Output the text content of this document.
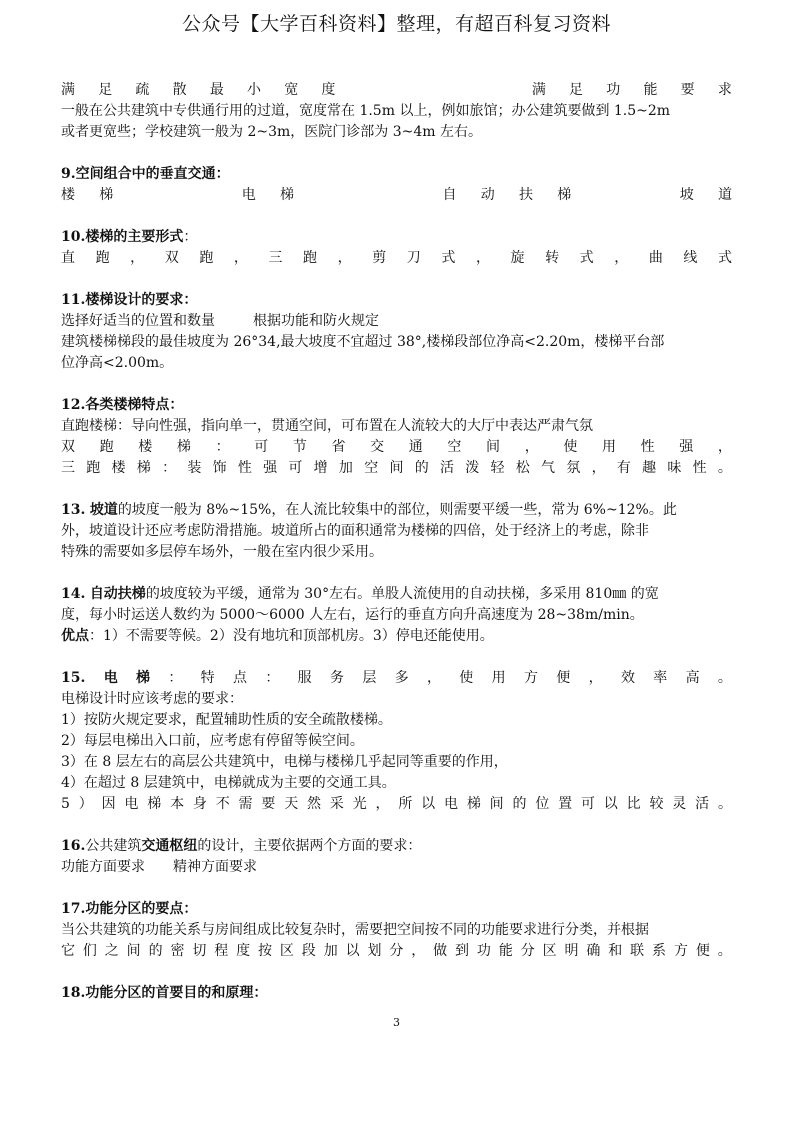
公众号【大学百科资料】整理，有超百科复习资料
满 足 疏 散 最 小 宽 度	满 足 功 能 要 求
一般在公共建筑中专供通行用的过道，宽度常在 1.5m 以上，例如旅馆；办公建筑要做到 1.5~2m
或者更宽些；学校建筑一般为 2~3m，医院门诊部为 3~4m 左右。
9.空间组合中的垂直交通：
楼 梯	电 梯	自 动 扶 梯	坡 道
10.楼梯的主要形式：
直 跑 ， 双 跑 ， 三 跑 ， 剪 刀 式 ， 旋 转 式 ， 曲 线 式
11.楼梯设计的要求：
选择好适当的位置和数量	根据功能和防火规定
建筑楼梯梯段的最佳坡度为 26°34,最大坡度不宜超过 38°,楼梯段部位净高<2.20m，楼梯平台部
位净高<2.00m。
12.各类楼梯特点：
直跑楼梯：导向性强，指向单一，贯通空间，可布置在人流较大的大厅中表达严肃气氛
双 跑 楼 梯 ： 可 节 省 交 通 空 间 ， 使 用 性 强 ，
三 跑 楼 梯 ： 装 饰 性 强 可 增 加 空 间 的 活 泼 轻 松 气 氛 ， 有 趣 味 性 。
13. 坡道的坡度一般为 8%~15%，在人流比较集中的部位，则需要平缓一些，常为 6%~12%。此
外，坡道设计还应考虑防滑措施。坡道所占的面积通常为楼梯的四倍，处于经济上的考虑，除非
特殊的需要如多层停车场外，一般在室内很少采用。
14. 自动扶梯的坡度较为平缓，通常为 30°左右。单股人流使用的自动扶梯，多采用 810㎜ 的宽
度，每小时运送人数约为 5000～6000 人左右，运行的垂直方向升高速度为 28~38m/min。
优点：1）不需要等候。2）没有地坑和顶部机房。3）停电还能使用。
15. 电 梯 ： 特 点 ： 服 务 层 多 ， 使 用 方 便 ， 效 率 高 。
电梯设计时应该考虑的要求：
1）按防火规定要求，配置辅助性质的安全疏散楼梯。
2）每层电梯出入口前，应考虑有停留等候空间。
3）在 8 层左右的高层公共建筑中，电梯与楼梯几乎起同等重要的作用，
4）在超过 8 层建筑中，电梯就成为主要的交通工具。
5 ） 因 电 梯 本 身 不 需 要 天 然 采 光 ， 所 以 电 梯 间 的 位 置 可 以 比 较 灵 活 。
16.公共建筑交通枢纽的设计，主要依据两个方面的要求：
功能方面要求 精神方面要求
17.功能分区的要点：
当公共建筑的功能关系与房间组成比较复杂时，需要把空间按不同的功能要求进行分类，并根据
它 们 之 间 的 密 切 程 度 按 区 段 加 以 划 分 ， 做 到 功 能 分 区 明 确 和 联 系 方 便 。
18.功能分区的首要目的和原理：
3
